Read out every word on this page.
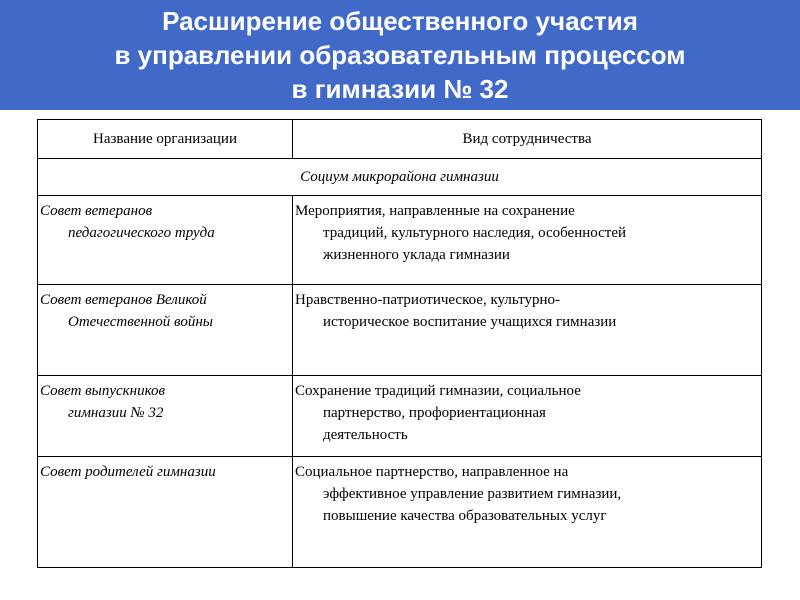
Расширение общественного участия
в управлении образовательным процессом
в гимназии № 32
Название организации	Вид сотрудничества
Социум микрорайона гимназии	

Совет ветеранов
педагогического труда	Мероприятия, направленные на сохранение
традиций, культурного наследия, особенностей
жизненного уклада гимназии

Совет ветеранов Великой
Отечественной войны	Нравственно-патриотическое, культурно-
историческое воспитание учащихся гимназии

Совет выпускников
гимназии № 32	Сохранение традиций гимназии, социальное
партнерство, профориентационная
деятельность

Совет родителей гимназии	Социальное партнерство, направленное на
эффективное управление развитием гимназии,
повышение качества образовательных услуг
